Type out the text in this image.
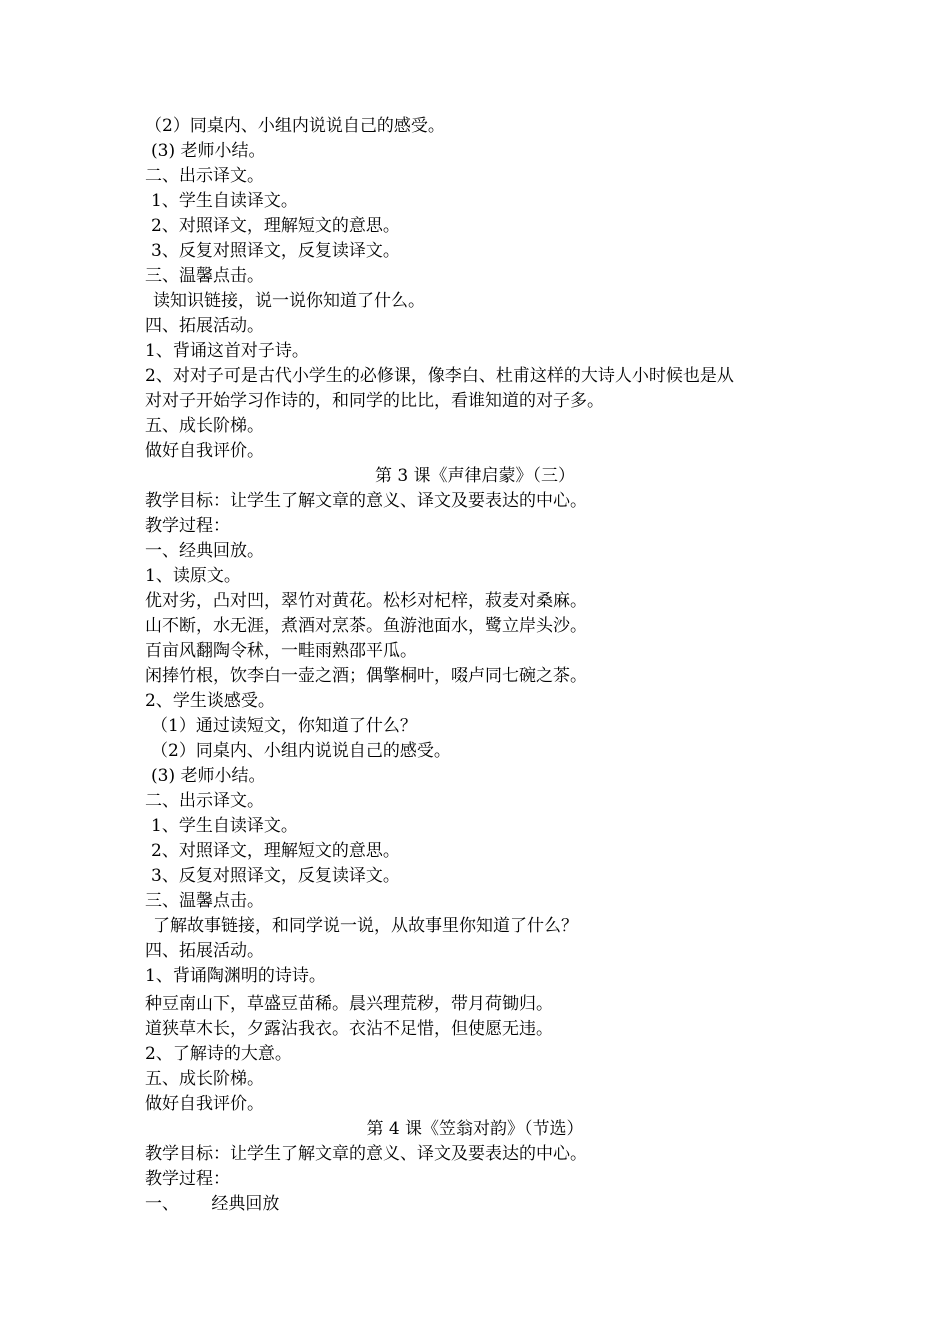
（2）同桌内、小组内说说自己的感受。
(3) 老师小结。
二、出示译文。
1、学生自读译文。
2、对照译文，理解短文的意思。
3、反复对照译文，反复读译文。
三、温馨点击。
读知识链接，说一说你知道了什么。
四、拓展活动。
1、背诵这首对子诗。
2、对对子可是古代小学生的必修课，像李白、杜甫这样的大诗人小时候也是从
对对子开始学习作诗的，和同学的比比，看谁知道的对子多。
五、成长阶梯。
做好自我评价。
第 3 课《声律启蒙》（三）
教学目标：让学生了解文章的意义、译文及要表达的中心。
教学过程：
一、经典回放。
1、读原文。
优对劣，凸对凹，翠竹对黄花。松杉对杞梓，菽麦对桑麻。
山不断，水无涯，煮酒对烹茶。鱼游池面水，鹭立岸头沙。
百亩风翻陶令秫，一畦雨熟邵平瓜。
闲捧竹根，饮李白一壶之酒；偶擎桐叶，啜卢同七碗之茶。
2、学生谈感受。
（1）通过读短文，你知道了什么？
（2）同桌内、小组内说说自己的感受。
(3) 老师小结。
二、出示译文。
1、学生自读译文。
2、对照译文，理解短文的意思。
3、反复对照译文，反复读译文。
三、温馨点击。
了解故事链接，和同学说一说，从故事里你知道了什么？
四、拓展活动。
1、背诵陶渊明的诗诗。
种豆南山下，草盛豆苗稀。晨兴理荒秽，带月荷锄归。
道狭草木长，夕露沾我衣。衣沾不足惜，但使愿无违。
2、了解诗的大意。
五、成长阶梯。
做好自我评价。
第 4 课《笠翁对韵》（节选）
教学目标：让学生了解文章的意义、译文及要表达的中心。
教学过程：
一、      经典回放
